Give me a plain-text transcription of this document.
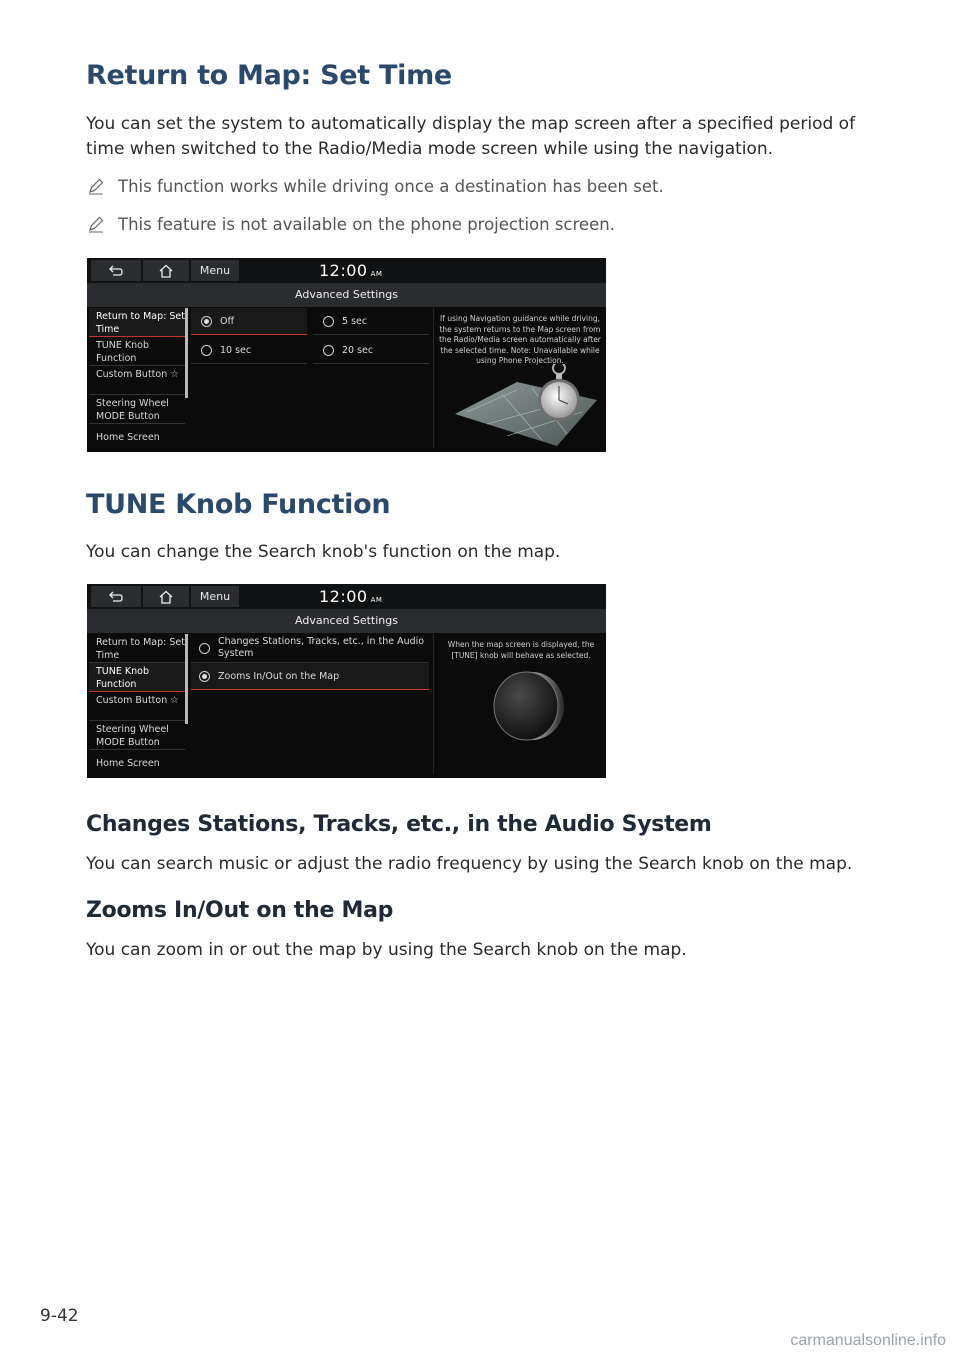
Return to Map: Set Time

You can set the system to automatically display the map screen after a specified period of time when switched to the Radio/Media mode screen while using the navigation.

This function works while driving once a destination has been set.
This feature is not available on the phone projection screen.
Menu	12:00 AM
Advanced Settings
Return to Map: Set Time
TUNE Knob Function
Custom Button ☆
Steering Wheel MODE Button
Home Screen
Off	5 sec
10 sec	20 sec
If using Navigation guidance while driving, the system returns to the Map screen from the Radio/Media screen automatically after the selected time. Note: Unavailable while using Phone Projection.
TUNE Knob Function

You can change the Search knob's function on the map.

Menu	12:00 AM
Advanced Settings
Return to Map: Set Time
TUNE Knob Function
Custom Button ☆
Steering Wheel MODE Button
Home Screen
Changes Stations, Tracks, etc., in the Audio System
Zooms In/Out on the Map
When the map screen is displayed, the [TUNE] knob will behave as selected.
Changes Stations, Tracks, etc., in the Audio System

You can search music or adjust the radio frequency by using the Search knob on the map.

Zooms In/Out on the Map

You can zoom in or out the map by using the Search knob on the map.

9-42
carmanualsonline.info
